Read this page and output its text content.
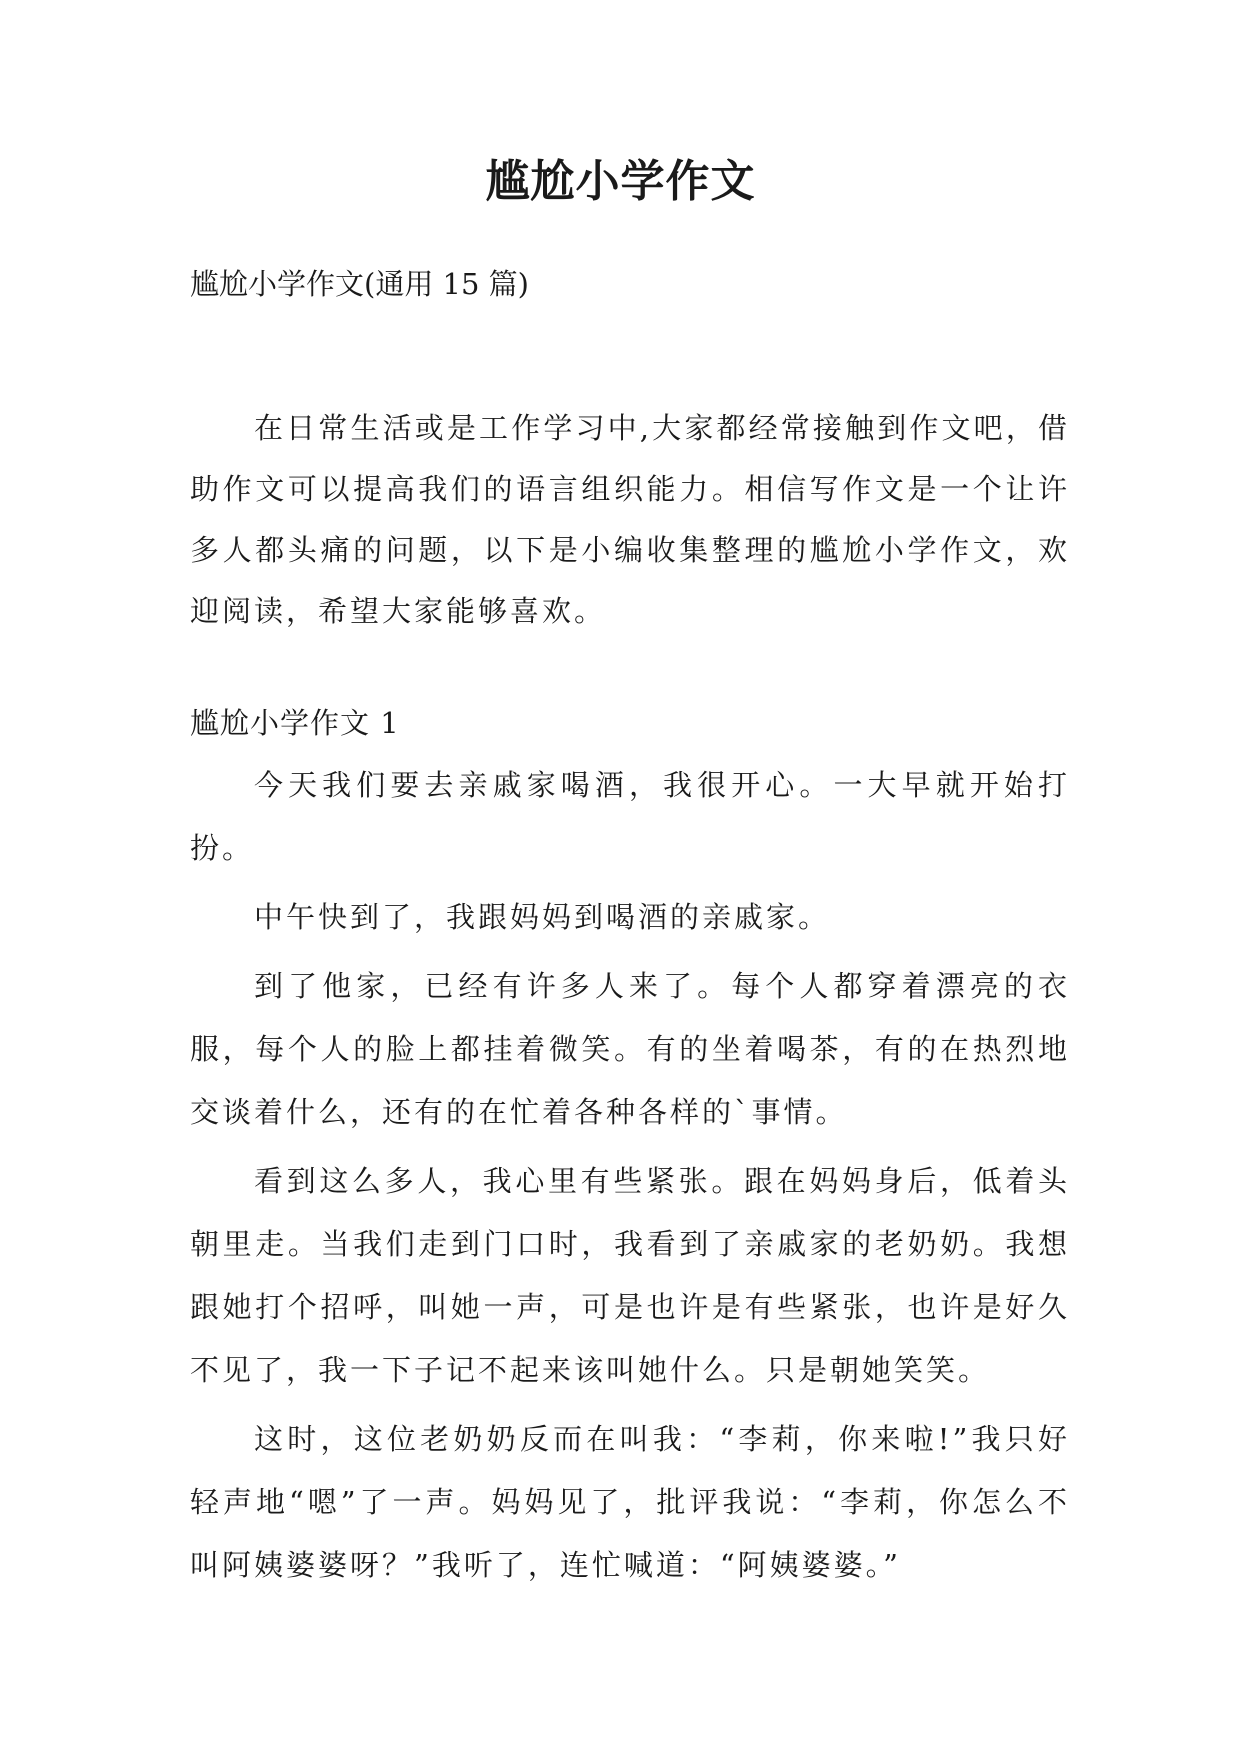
尴尬小学作文
尴尬小学作文(通用 15 篇)

在日常生活或是工作学习中,大家都经常接触到作文吧，借助作文可以提高我们的语言组织能力。相信写作文是一个让许多人都头痛的问题，以下是小编收集整理的尴尬小学作文，欢迎阅读，希望大家能够喜欢。

尴尬小学作文 1

今天我们要去亲戚家喝酒，我很开心。一大早就开始打扮。

中午快到了，我跟妈妈到喝酒的亲戚家。

到了他家，已经有许多人来了。每个人都穿着漂亮的衣服，每个人的脸上都挂着微笑。有的坐着喝茶，有的在热烈地交谈着什么，还有的在忙着各种各样的`事情。

看到这么多人，我心里有些紧张。跟在妈妈身后，低着头朝里走。当我们走到门口时，我看到了亲戚家的老奶奶。我想跟她打个招呼，叫她一声，可是也许是有些紧张，也许是好久不见了，我一下子记不起来该叫她什么。只是朝她笑笑。

这时，这位老奶奶反而在叫我：“李莉，你来啦!”我只好轻声地“嗯”了一声。妈妈见了，批评我说：“李莉，你怎么不叫阿姨婆婆呀？”我听了，连忙喊道：“阿姨婆婆。”
